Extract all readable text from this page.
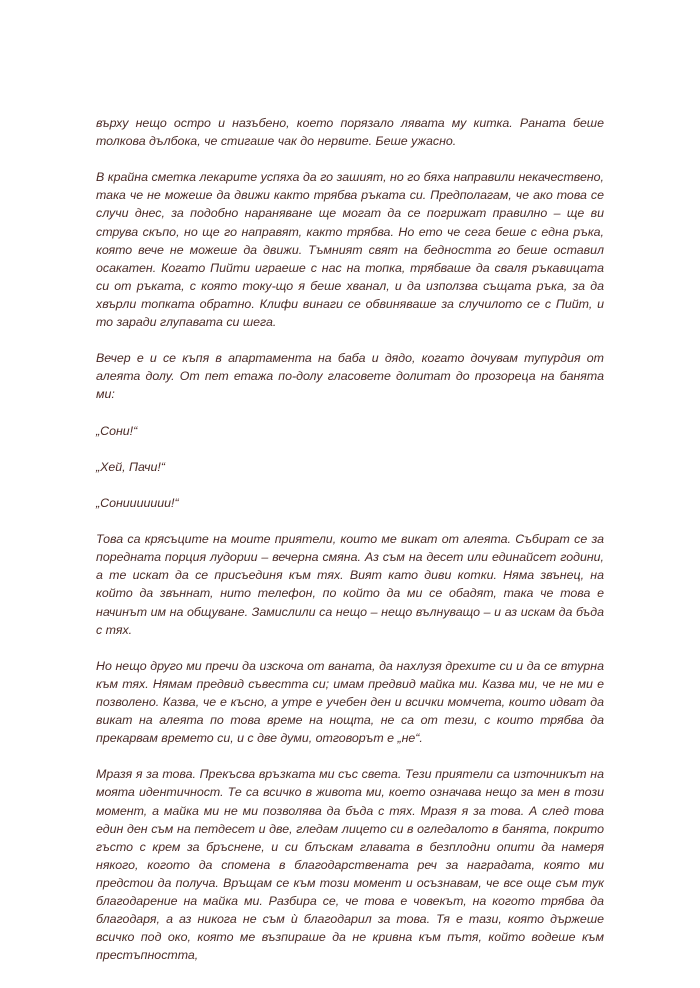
върху нещо остро и назъбено, което порязало лявата му китка. Раната беше толкова дълбока, че стигаше чак до нервите. Беше ужасно.

В крайна сметка лекарите успяха да го зашият, но го бяха направили некачествено, така че не можеше да движи както трябва ръката си. Предполагам, че ако това се случи днес, за подобно нараняване ще могат да се погрижат правилно – ще ви струва скъпо, но ще го направят, както трябва. Но ето че сега беше с една ръка, която вече не можеше да движи. Тъмният свят на бедността го беше оставил осакатен. Когато Пийти играеше с нас на топка, трябваше да сваля ръкавицата си от ръката, с която току-що я беше хванал, и да използва същата ръка, за да хвърли топката обратно. Клифи винаги се обвиняваше за случилото се с Пийт, и то заради глупавата си шега.

Вечер е и се къпя в апартамента на баба и дядо, когато дочувам тупурдия от алеята долу. От пет етажа по-долу гласовете долитат до прозореца на банята ми:

„Сони!“

„Хей, Пачи!“

„Сониииииии!“

Това са крясъците на моите приятели, които ме викат от алеята. Събират се за поредната порция лудории – вечерна смяна. Аз съм на десет или единайсет години, а те искат да се присъединя към тях. Вият като диви котки. Няма звънец, на който да звъннат, нито телефон, по който да ми се обадят, така че това е начинът им на общуване. Замислили са нещо – нещо вълнуващо – и аз искам да бъда с тях.

Но нещо друго ми пречи да изскоча от ваната, да нахлузя дрехите си и да се втурна към тях. Нямам предвид съвестта си; имам предвид майка ми. Казва ми, че не ми е позволено. Казва, че е късно, а утре е учебен ден и всички момчета, които идват да викат на алеята по това време на нощта, не са от тези, с които трябва да прекарвам времето си, и с две думи, отговорът е „не“.

Мразя я за това. Прекъсва връзката ми със света. Тези приятели са източникът на моята идентичност. Те са всичко в живота ми, което означава нещо за мен в този момент, а майка ми не ми позволява да бъда с тях. Мразя я за това. А след това един ден съм на петдесет и две, гледам лицето си в огледалото в банята, покрито гъсто с крем за бръснене, и си блъскам главата в безплодни опити да намеря някого, когото да спомена в благодарствената реч за наградата, която ми предстои да получа. Връщам се към този момент и осъзнавам, че все още съм тук благодарение на майка ми. Разбира се, че това е човекът, на когото трябва да благодаря, а аз никога не съм ѝ благодарил за това. Тя е тази, която държеше всичко под око, която ме възпираше да не кривна към пътя, който водеше към престъпността,
